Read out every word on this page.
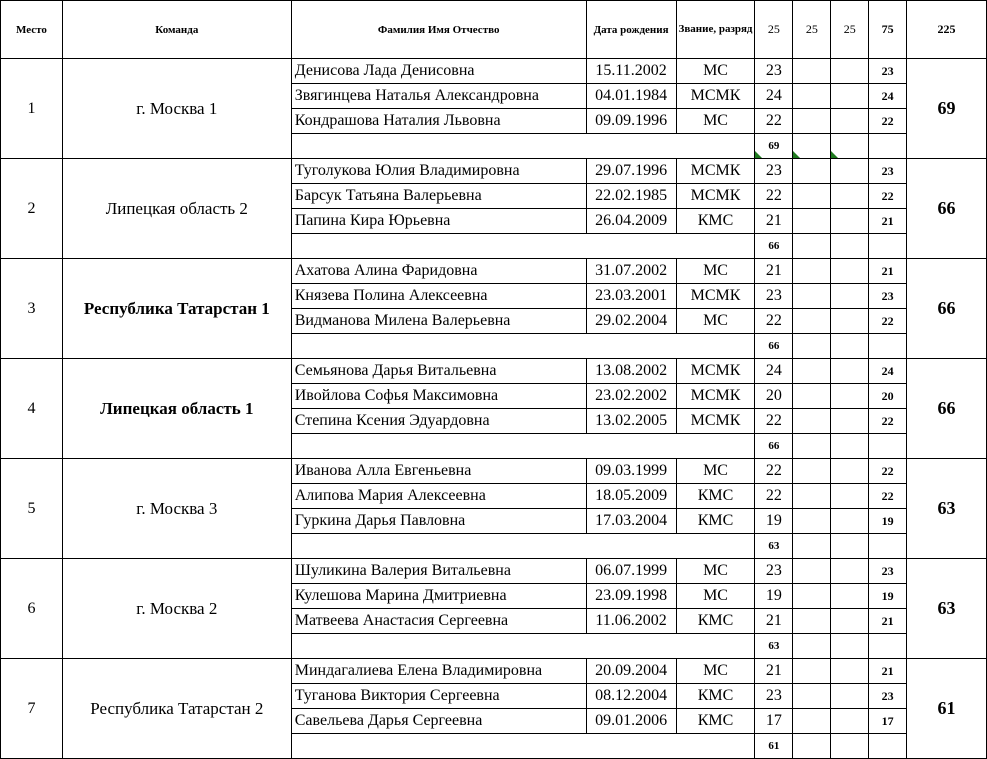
Место	Команда	Фамилия Имя Отчество	Дата рождения	Звание, разряд	25	25	25	75	225
1	г. Москва 1	Денисова Лада Денисовна	15.11.2002	МС	23			23	69
		Звягинцева Наталья Александровна	04.01.1984	МСМК	24			24	
		Кондрашова Наталия Львовна	09.09.1996	МС	22			22	
					69				
2	Липецкая область 2	Туголукова Юлия Владимировна	29.07.1996	МСМК	23			23	66
		Барсук Татьяна Валерьевна	22.02.1985	МСМК	22			22	
		Папина Кира Юрьевна	26.04.2009	КМС	21			21	
					66				
3	Республика Татарстан 1	Ахатова Алина Фаридовна	31.07.2002	МС	21			21	66
		Князева Полина Алексеевна	23.03.2001	МСМК	23			23	
		Видманова Милена Валерьевна	29.02.2004	МС	22			22	
					66				
4	Липецкая область 1	Семьянова Дарья Витальевна	13.08.2002	МСМК	24			24	66
		Ивойлова Софья Максимовна	23.02.2002	МСМК	20			20	
		Степина Ксения Эдуардовна	13.02.2005	МСМК	22			22	
					66				
5	г. Москва 3	Иванова Алла Евгеньевна	09.03.1999	МС	22			22	63
		Алипова Мария Алексеевна	18.05.2009	КМС	22			22	
		Гуркина Дарья Павловна	17.03.2004	КМС	19			19	
					63				
6	г. Москва 2	Шуликина Валерия Витальевна	06.07.1999	МС	23			23	63
		Кулешова Марина Дмитриевна	23.09.1998	МС	19			19	
		Матвеева Анастасия Сергеевна	11.06.2002	КМС	21			21	
					63				
7	Республика Татарстан 2	Миндагалиева Елена Владимировна	20.09.2004	МС	21			21	61
		Туганова Виктория Сергеевна	08.12.2004	КМС	23			23	
		Савельева Дарья Сергеевна	09.01.2006	КМС	17			17	
					61				
